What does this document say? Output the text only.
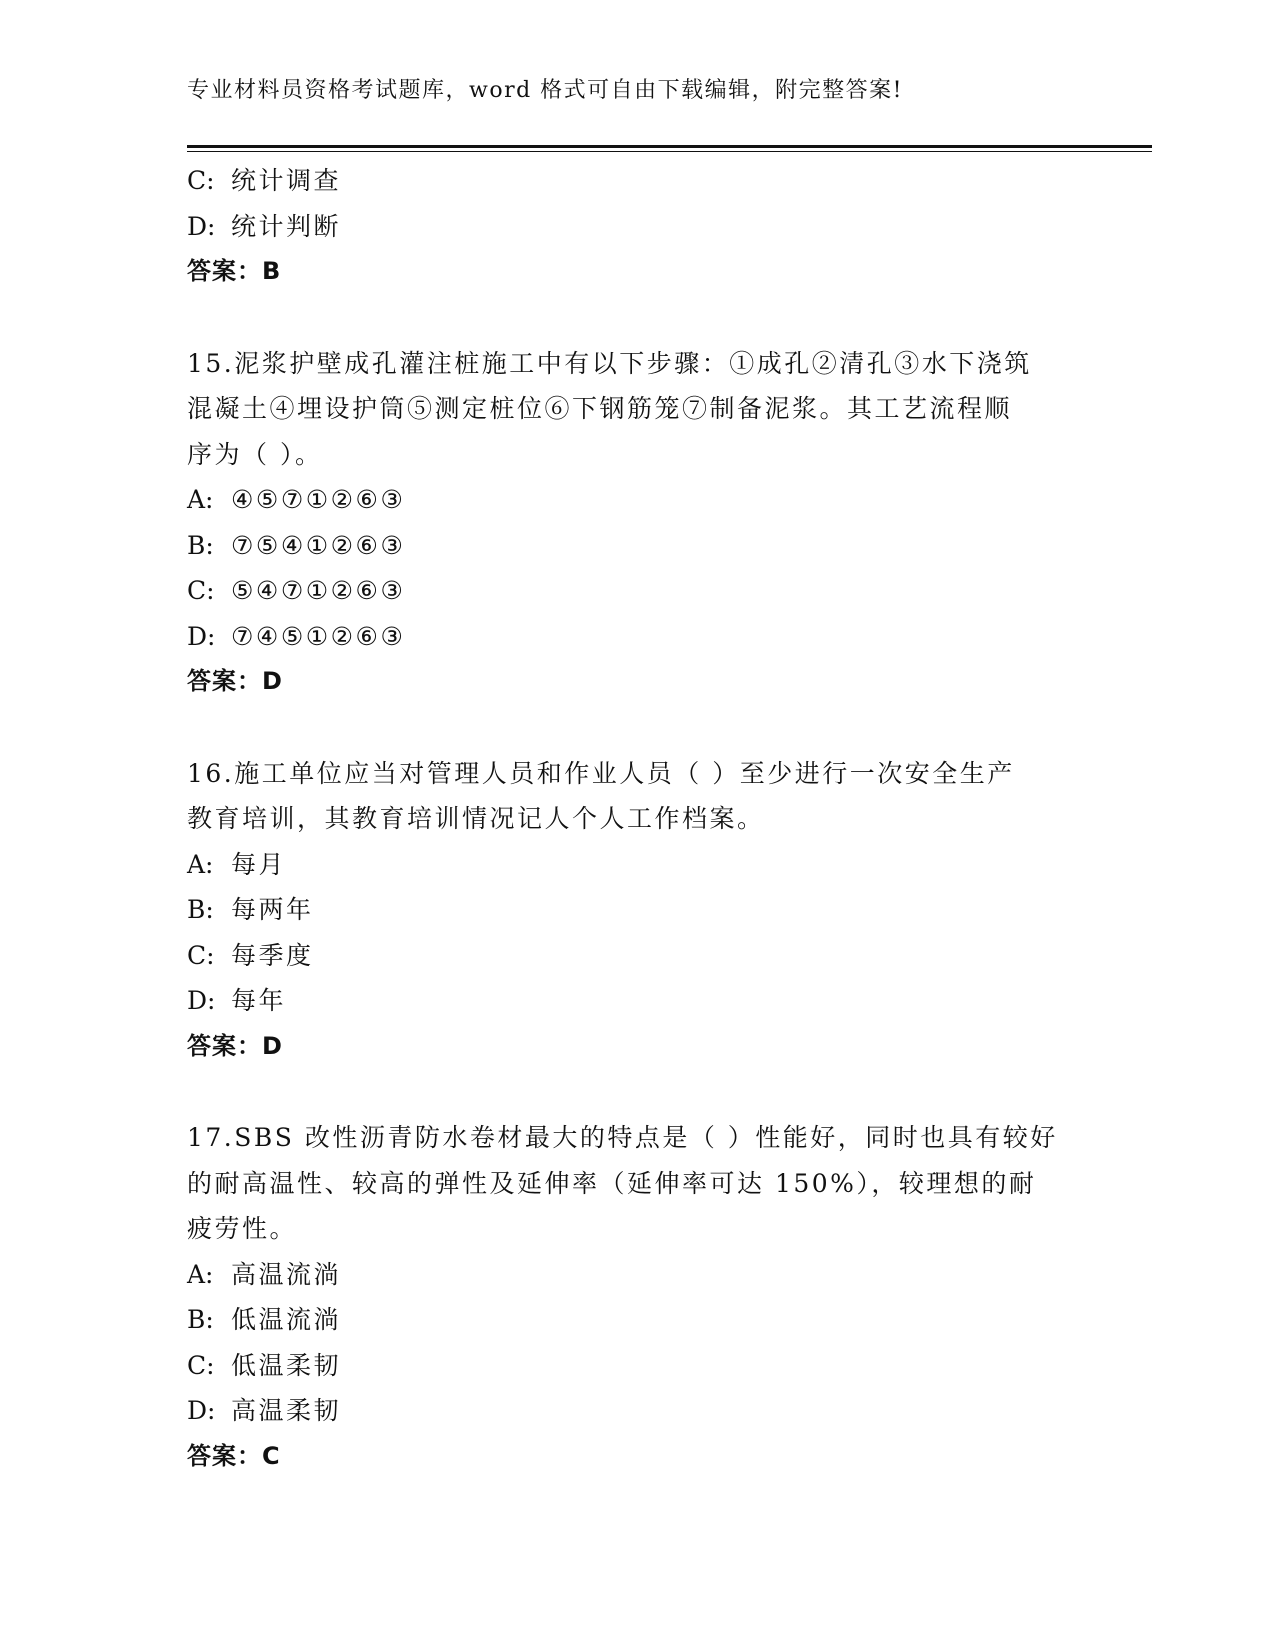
专业材料员资格考试题库，word 格式可自由下载编辑，附完整答案!
C: 统计调查
D: 统计判断
答案：B
15.泥浆护壁成孔灌注桩施工中有以下步骤：①成孔②清孔③水下浇筑
混凝土④埋设护筒⑤测定桩位⑥下钢筋笼⑦制备泥浆。其工艺流程顺
序为（ ）。
A: ④⑤⑦①②⑥③
B: ⑦⑤④①②⑥③
C: ⑤④⑦①②⑥③
D: ⑦④⑤①②⑥③
答案：D
16.施工单位应当对管理人员和作业人员（ ）至少进行一次安全生产
教育培训，其教育培训情况记人个人工作档案。
A: 每月
B: 每两年
C: 每季度
D: 每年
答案：D
17.SBS 改性沥青防水卷材最大的特点是（ ）性能好，同时也具有较好
的耐高温性、较高的弹性及延伸率（延伸率可达 150%），较理想的耐
疲劳性。
A: 高温流淌
B: 低温流淌
C: 低温柔韧
D: 高温柔韧
答案：C
